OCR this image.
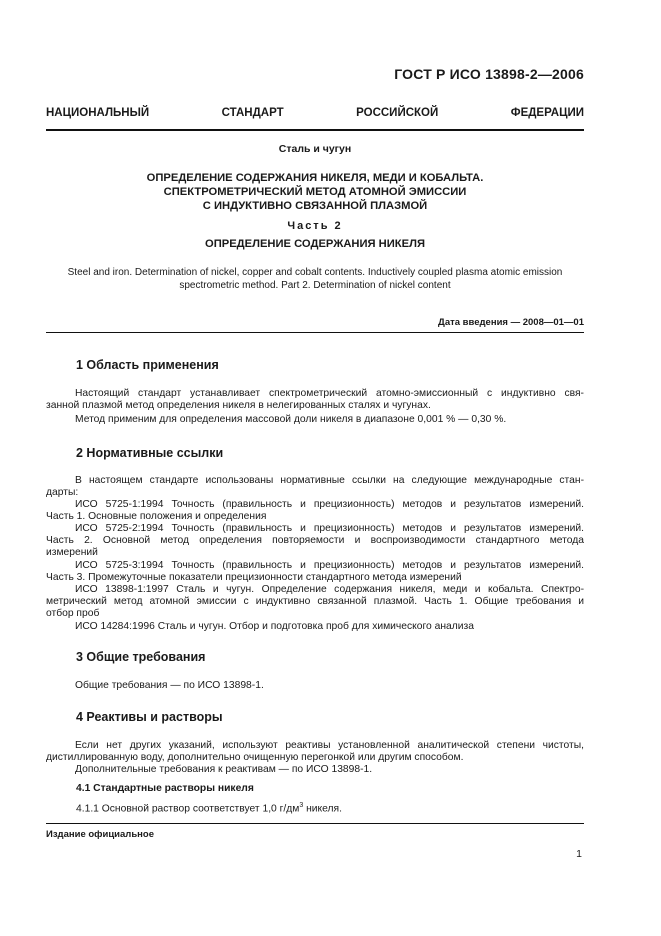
ГОСТ Р ИСО 13898-2—2006
НАЦИОНАЛЬНЫЙ СТАНДАРТ РОССИЙСКОЙ ФЕДЕРАЦИИ
Сталь и чугун
ОПРЕДЕЛЕНИЕ СОДЕРЖАНИЯ НИКЕЛЯ, МЕДИ И КОБАЛЬТА.
СПЕКТРОМЕТРИЧЕСКИЙ МЕТОД АТОМНОЙ ЭМИССИИ
С ИНДУКТИВНО СВЯЗАННОЙ ПЛАЗМОЙ
Часть 2
ОПРЕДЕЛЕНИЕ СОДЕРЖАНИЯ НИКЕЛЯ
Steel and iron. Determination of nickel, copper and cobalt contents. Inductively coupled plasma atomic emission
spectrometric method. Part 2. Determination of nickel content
Дата введения — 2008—01—01
1 Область применения
Настоящий стандарт устанавливает спектрометрический атомно-эмиссионный с индуктивно свя-
занной плазмой метод определения никеля в нелегированных сталях и чугунах.
Метод применим для определения массовой доли никеля в диапазоне 0,001 % — 0,30 %.
2 Нормативные ссылки
В настоящем стандарте использованы нормативные ссылки на следующие международные стан-
дарты:
ИСО 5725-1:1994 Точность (правильность и прецизионность) методов и результатов измерений.
Часть 1. Основные положения и определения
ИСО 5725-2:1994 Точность (правильность и прецизионность) методов и результатов измерений.
Часть 2. Основной метод определения повторяемости и воспроизводимости стандартного метода
измерений
ИСО 5725-3:1994 Точность (правильность и прецизионность) методов и результатов измерений.
Часть 3. Промежуточные показатели прецизионности стандартного метода измерений
ИСО 13898-1:1997 Сталь и чугун. Определение содержания никеля, меди и кобальта. Спектро-
метрический метод атомной эмиссии с индуктивно связанной плазмой. Часть 1. Общие требования и
отбор проб
ИСО 14284:1996 Сталь и чугун. Отбор и подготовка проб для химического анализа
3 Общие требования
Общие требования — по ИСО 13898-1.
4 Реактивы и растворы
Если нет других указаний, используют реактивы установленной аналитической степени чистоты,
дистиллированную воду, дополнительно очищенную перегонкой или другим способом.
Дополнительные требования к реактивам — по ИСО 13898-1.
4.1 Стандартные растворы никеля
4.1.1 Основной раствор соответствует 1,0 $г/дм^3$ никеля.
Издание официальное
1
